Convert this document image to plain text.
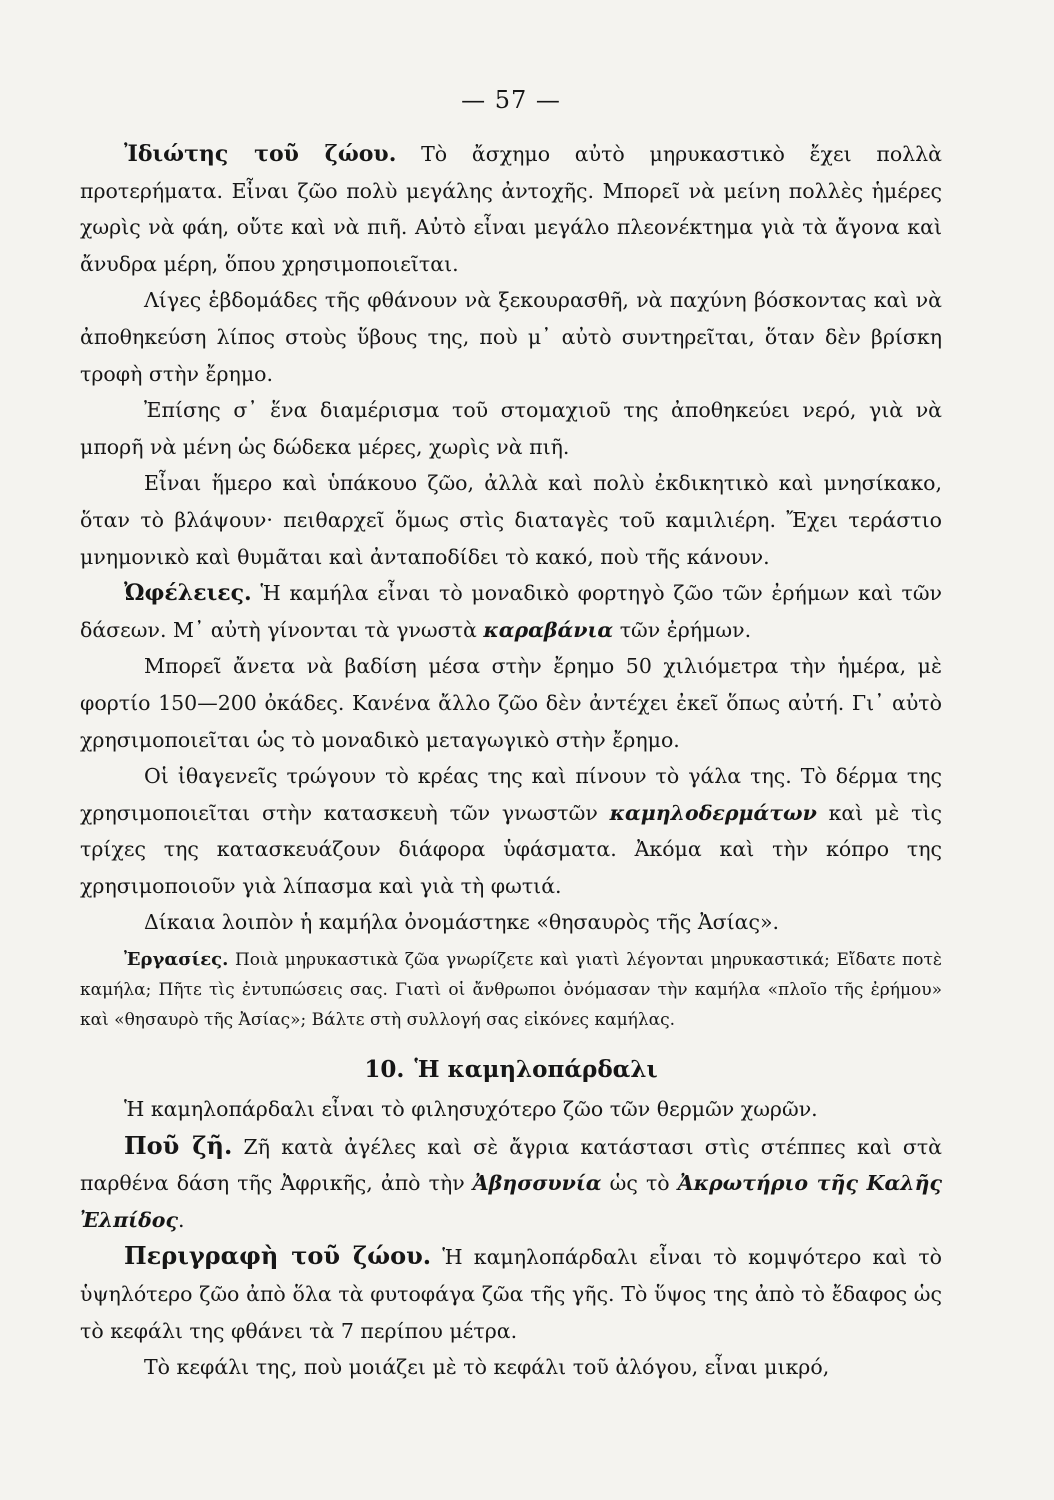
— 57 —

Ἰδιώτης τοῦ ζώου. Τὸ ἄσχημο αὐτὸ μηρυκαστικὸ ἔχει πολλὰ προτερήματα. Εἶναι ζῶο πολὺ μεγάλης ἀντοχῆς. Μπορεῖ νὰ μείνη πολλὲς ἡμέρες χωρὶς νὰ φάη, οὔτε καὶ νὰ πιῆ. Αὐτὸ εἶναι μεγάλο πλεονέκτημα γιὰ τὰ ἄγονα καὶ ἄνυδρα μέρη, ὅπου χρησιμοποιεῖται.

Λίγες ἑβδομάδες τῆς φθάνουν νὰ ξεκουρασθῆ, νὰ παχύνη βόσκοντας καὶ νὰ ἀποθηκεύση λίπος στοὺς ὕβους της, ποὺ μ᾽ αὐτὸ συντηρεῖται, ὅταν δὲν βρίσκη τροφὴ στὴν ἔρημο.

Ἐπίσης σ᾽ ἕνα διαμέρισμα τοῦ στομαχιοῦ της ἀποθηκεύει νερό, γιὰ νὰ μπορῆ νὰ μένη ὡς δώδεκα μέρες, χωρὶς νὰ πιῆ.

Εἶναι ἥμερο καὶ ὑπάκουο ζῶο, ἀλλὰ καὶ πολὺ ἐκδικητικὸ καὶ μνησίκακο, ὅταν τὸ βλάψουν· πειθαρχεῖ ὅμως στὶς διαταγὲς τοῦ καμιλιέρη. Ἔχει τεράστιο μνημονικὸ καὶ θυμᾶται καὶ ἀνταποδίδει τὸ κακό, ποὺ τῆς κάνουν.

Ὠφέλειες. Ἡ καμήλα εἶναι τὸ μοναδικὸ φορτηγὸ ζῶο τῶν ἐρήμων καὶ τῶν δάσεων. Μ᾽ αὐτὴ γίνονται τὰ γνωστὰ καραβάνια τῶν ἐρήμων.

Μπορεῖ ἄνετα νὰ βαδίση μέσα στὴν ἔρημο 50 χιλιόμετρα τὴν ἡμέρα, μὲ φορτίο 150—200 ὀκάδες. Κανένα ἄλλο ζῶο δὲν ἀντέχει ἐκεῖ ὅπως αὐτή. Γι᾽ αὐτὸ χρησιμοποιεῖται ὡς τὸ μοναδικὸ μεταγωγικὸ στὴν ἔρημο.

Οἱ ἰθαγενεῖς τρώγουν τὸ κρέας της καὶ πίνουν τὸ γάλα της. Τὸ δέρμα της χρησιμοποιεῖται στὴν κατασκευὴ τῶν γνωστῶν καμηλοδερμάτων καὶ μὲ τὶς τρίχες της κατασκευάζουν διάφορα ὑφάσματα. Ἀκόμα καὶ τὴν κόπρο της χρησιμοποιοῦν γιὰ λίπασμα καὶ γιὰ τὴ φωτιά.

Δίκαια λοιπὸν ἡ καμήλα ὀνομάστηκε «θησαυρὸς τῆς Ἀσίας».

Ἐργασίες. Ποιὰ μηρυκαστικὰ ζῶα γνωρίζετε καὶ γιατὶ λέγονται μηρυκαστικά; Εἴδατε ποτὲ καμήλα; Πῆτε τὶς ἐντυπώσεις σας. Γιατὶ οἱ ἄνθρωποι ὀνόμασαν τὴν καμήλα «πλοῖο τῆς ἐρήμου» καὶ «θησαυρὸ τῆς Ἀσίας»; Βάλτε στὴ συλλογή σας εἰκόνες καμήλας.

10. Ἡ καμηλοπάρδαλι

Ἡ καμηλοπάρδαλι εἶναι τὸ φιλησυχότερο ζῶο τῶν θερμῶν χωρῶν.

Ποῦ ζῆ. Ζῆ κατὰ ἀγέλες καὶ σὲ ἄγρια κατάστασι στὶς στέππες καὶ στὰ παρθένα δάση τῆς Ἀφρικῆς, ἀπὸ τὴν Ἀβησσυνία ὡς τὸ Ἀκρωτήριο τῆς Καλῆς Ἐλπίδος.

Περιγραφὴ τοῦ ζώου. Ἡ καμηλοπάρδαλι εἶναι τὸ κομψότερο καὶ τὸ ὑψηλότερο ζῶο ἀπὸ ὅλα τὰ φυτοφάγα ζῶα τῆς γῆς. Τὸ ὕψος της ἀπὸ τὸ ἔδαφος ὡς τὸ κεφάλι της φθάνει τὰ 7 περίπου μέτρα.

Τὸ κεφάλι της, ποὺ μοιάζει μὲ τὸ κεφάλι τοῦ ἀλόγου, εἶναι μικρό,
